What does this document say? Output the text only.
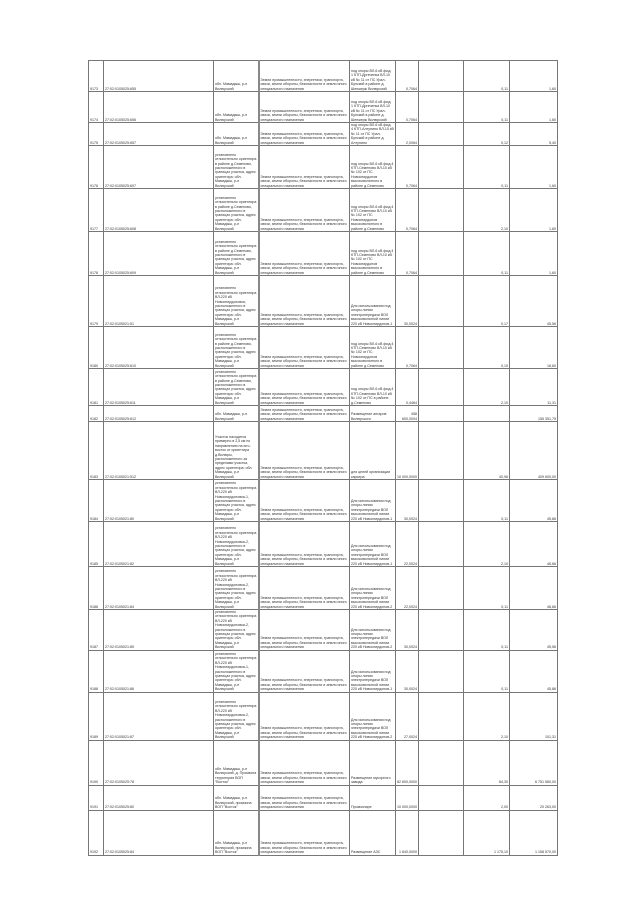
9173	27:02:0105025:655	обл. Мамадыш, р-н Вилюрский	Земли промышленности, энергетики, транспорта, связи, земли обороны, безопасности и земли иного специального назначения	под опоры ВЛ-6 кВ фид. 1 КТП-Дргеченка ВЛ-10 кВ № 11 от ПС Урал-Бунский в районе д. Шенжерж Вилюрский	0,7064		0,11	1,60
9174	27:02:0105025:656	обл. Мамадыш, р-н Вилюрский	Земли промышленности, энергетики, транспорта, связи, земли обороны, безопасности и земли иного специального назначения	под опоры ВЛ-6 кВ фид. 1 КТП-Дргеченка ВЛ-10 кВ № 11 от ПС Урал-Бунский в районе д. Шенжерж Вилюрский	0,7064		0,11	1,60
9175	27:02:0105025:657	обл. Мамадыш, р-н Вилюрский	Земли промышленности, энергетики, транспорта, связи, земли обороны, безопасности и земли иного специального назначения	под опоры ВЛ-6 кВ фид. 4 КТП-Алтунино ВЛ-10 кВ № 11 от ПС Урал-Бунский в районе д. Алтунино	2,0064		0,12	5,40
9176	27:02:0105025:607	установлено относительно ориентира в районе д.Семеново, расположенного в границах участка, адрес ориентира: обл. Мамадыш, р-н Вилюрский	Земли промышленности, энергетики, транспорта, связи, земли обороны, безопасности и земли иного специального назначения	под опоры ВЛ-6 кВ фид.4 КТП-Семеново ВЛ-10 кВ № 102 от ПС Новоспирдонов высоковольтного в районе д.Семеново	0,7064		0,11	1,60
9177	27:02:0105025:608	установлено относительно ориентира в районе д.Семеново, расположенного в границах участка, адрес ориентира: обл. Мамадыш, р-н Вилюрский	Земли промышленности, энергетики, транспорта, связи, земли обороны, безопасности и земли иного специального назначения	под опоры ВЛ-6 кВ фид.4 КТП-Семеново ВЛ-10 кВ № 102 от ПС Новоспирдонов высоковольтного в районе д.Семеново	0,7064		2,10	1,60
9178	27:02:0105025:609	установлено относительно ориентира в районе д.Семеново, расположенного в границах участка, адрес ориентира: обл. Мамадыш, р-н Вилюрский	Земли промышленности, энергетики, транспорта, связи, земли обороны, безопасности и земли иного специального назначения	под опоры ВЛ-6 кВ фид.4 КТП-Семеново ВЛ-10 кВ № 102 от ПС Новоспирдонов высоковольтного в районе д.Семеново	0,7064		0,11	1,60
9179	27:02:0105021:51	установлено относительно ориентира ВЛ-220 кВ Новоспирдоновка, расположенного в границах участка, адрес ориентира: обл. Мамадыш, р-н Вилюрский	Земли промышленности, энергетики, транспорта, связи, земли обороны, безопасности и земли иного специального назначения	Для использования под опоры линии электропередачи ВОЛ высоковольтной линии 220 кВ Новоспирдонов-1	30,0024		0,17	45,56
9180	27:02:0105025:610	установлено относительно ориентира в районе д.Семеново, расположенного в границах участка, адрес ориентира: обл. Мамадыш, р-н Вилюрский	Земли промышленности, энергетики, транспорта, связи, земли обороны, безопасности и земли иного специального назначения	под опоры ВЛ-6 кВ фид.4 КТП-Семеново ВЛ-10 кВ № 102 от ПС Новоспирдонов высоковольтного в районе д.Семеново	0,7064		0,10	16,60
9181	27:02:0105025:611	установлено относительно ориентира в районе д.Семеново, расположенного в границах участка, адрес ориентира: обл. Мамадыш, р-н Вилюрский	Земли промышленности, энергетики, транспорта, связи, земли обороны, безопасности и земли иного специального назначения	под опоры ВЛ-6 кВ фид.4 КТП-Семеново ВЛ-10 кВ № 102 от ПС в районе д.Семеново	0,4464		2,10	11,31
9182	27:02:0105025:612	обл. Мамадыш, р-н Вилюрский	Земли промышленности, энергетики, транспорта, связи, земли обороны, безопасности и земли иного специального назначения	Размещение ангаров Вилюрского	458 600,0004			155 351,75
9183	27:02:0105021:512	Участок находится примерно в 2,5 км по направлению на юго-восток от ориентира д.Вилюры, расположенного за пределами участка, адрес ориентира: обл. Мамадыш, р-н Вилюрский	Земли промышленности, энергетики, транспорта, связи, земли обороны, безопасности и земли иного специального назначения	для целей организации карьера	10 000,0000		40,96	409 600,00
9184	27:02:0105021:80	установлено относительно ориентира ВЛ-220 кВ Новоспирдоновка-1, расположенного в границах участка, адрес ориентира: обл. Мамадыш, р-н Вилюрский	Земли промышленности, энергетики, транспорта, связи, земли обороны, безопасности и земли иного специального назначения	Для использования под опоры линии электропередачи ВОЛ высоковольтной линии 220 кВ Новоспирдонов-1	30,0024		0,11	45,86
9185	27:02:0105021:82	установлено относительно ориентира ВЛ-220 кВ Новоспирдоновка-2, расположенного в границах участка, адрес ориентира: обл. Мамадыш, р-н Вилюрский	Земли промышленности, энергетики, транспорта, связи, земли обороны, безопасности и земли иного специального назначения	Для использования под опоры линии электропередачи ВОЛ высоковольтной линии 220 кВ Новоспирдонов-1	22,0024		2,10	46,66
9186	27:02:0105021:84	установлено относительно ориентира ВЛ-220 кВ Новоспирдоновка-2, расположенного в границах участка, адрес ориентира: обл. Мамадыш, р-н Вилюрский	Земли промышленности, энергетики, транспорта, связи, земли обороны, безопасности и земли иного специального назначения	Для использования под опоры линии электропередачи ВОЛ высоковольтной линии 220 кВ Новоспирдонов-2	22,0024		0,11	46,66
9187	27:02:0105021:85	установлено относительно ориентира ВЛ-220 кВ Новоспирдоновка-2, расположенного в границах участка, адрес ориентира: обл. Мамадыш, р-н Вилюрский	Земли промышленности, энергетики, транспорта, связи, земли обороны, безопасности и земли иного специального назначения	Для использования под опоры линии электропередачи ВОЛ высоковольтной линии 220 кВ Новоспирдонов-2	30,0024		0,11	45,56
9188	27:02:0105021:86	установлено относительно ориентира ВЛ-220 кВ Новоспирдоновка-1, расположенного в границах участка, адрес ориентира: обл. Мамадыш, р-н Вилюрский	Земли промышленности, энергетики, транспорта, связи, земли обороны, безопасности и земли иного специального назначения	Для использования под опоры линии электропередачи ВОЛ высоковольтной линии 220 кВ Новоспирдонов-1	30,0024		0,11	45,86
9189	27:02:0105021:87	установлено относительно ориентира ВЛ-220 кВ Новоспирдоновка-2, расположенного в границах участка, адрес ориентира: обл. Мамадыш, р-н Вилюрский	Земли промышленности, энергетики, транспорта, связи, земли обороны, безопасности и земли иного специального назначения	Для использования под опоры линии электропередачи ВОЛ высоковольтной линии 220 кВ Новоспирдонов-2	27,0024		2,10	101,31
9190	27:02:0105025:78	обл. Мамадыш, р-н Вилюрский, д. Промзона территория ВОП "Восток"	Земли промышленности, энергетики, транспорта, связи, земли обороны, безопасности и земли иного специального назначения	Размещение мусорного завода	82 600,0000		84,30	6 751 560,00
9191	27:02:0105025:80	обл. Мамадыш, р-н Вилюрский, промзона ВОП "Восток"	Земли промышленности, энергетики, транспорта, связи, земли обороны, безопасности и земли иного специального назначения	Промзонаре	10 000,0000		2,00	20 263,00
9192	27:02:0105025:84	обл. Мамадыш, р-н Вилюрский, промзона ВОП "Восток"	Земли промышленности, энергетики, транспорта, связи, земли обороны, безопасности и земли иного специального назначения	Размещение АЗС	1 640,0000		1 175,10	1 158 570,00
